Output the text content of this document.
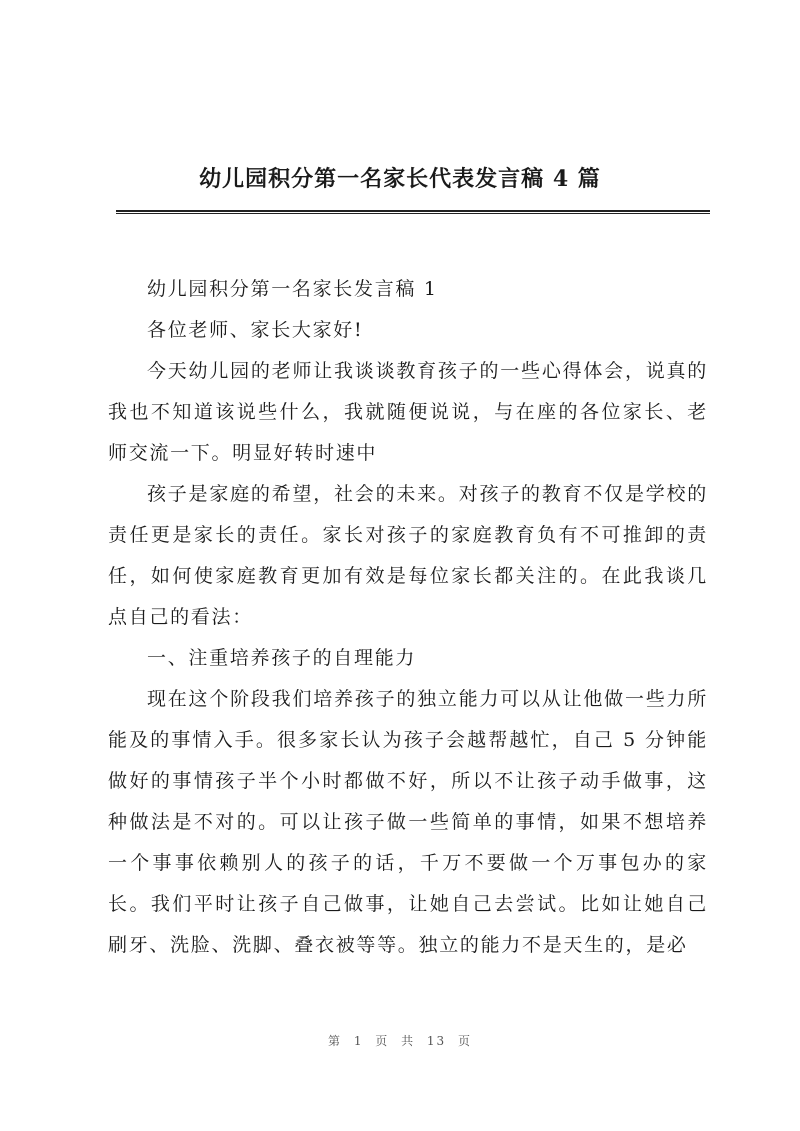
幼儿园积分第一名家长代表发言稿 4 篇

幼儿园积分第一名家长发言稿 1

各位老师、家长大家好!

今天幼儿园的老师让我谈谈教育孩子的一些心得体会，说真的我也不知道该说些什么，我就随便说说，与在座的各位家长、老师交流一下。明显好转时速中

孩子是家庭的希望，社会的未来。对孩子的教育不仅是学校的责任更是家长的责任。家长对孩子的家庭教育负有不可推卸的责任，如何使家庭教育更加有效是每位家长都关注的。在此我谈几点自己的看法：

一、注重培养孩子的自理能力

现在这个阶段我们培养孩子的独立能力可以从让他做一些力所能及的事情入手。很多家长认为孩子会越帮越忙，自己 5 分钟能做好的事情孩子半个小时都做不好，所以不让孩子动手做事，这种做法是不对的。可以让孩子做一些简单的事情，如果不想培养一个事事依赖别人的孩子的话，千万不要做一个万事包办的家长。我们平时让孩子自己做事，让她自己去尝试。比如让她自己刷牙、洗脸、洗脚、叠衣被等等。独立的能力不是天生的，是必

第 1 页 共 13 页
